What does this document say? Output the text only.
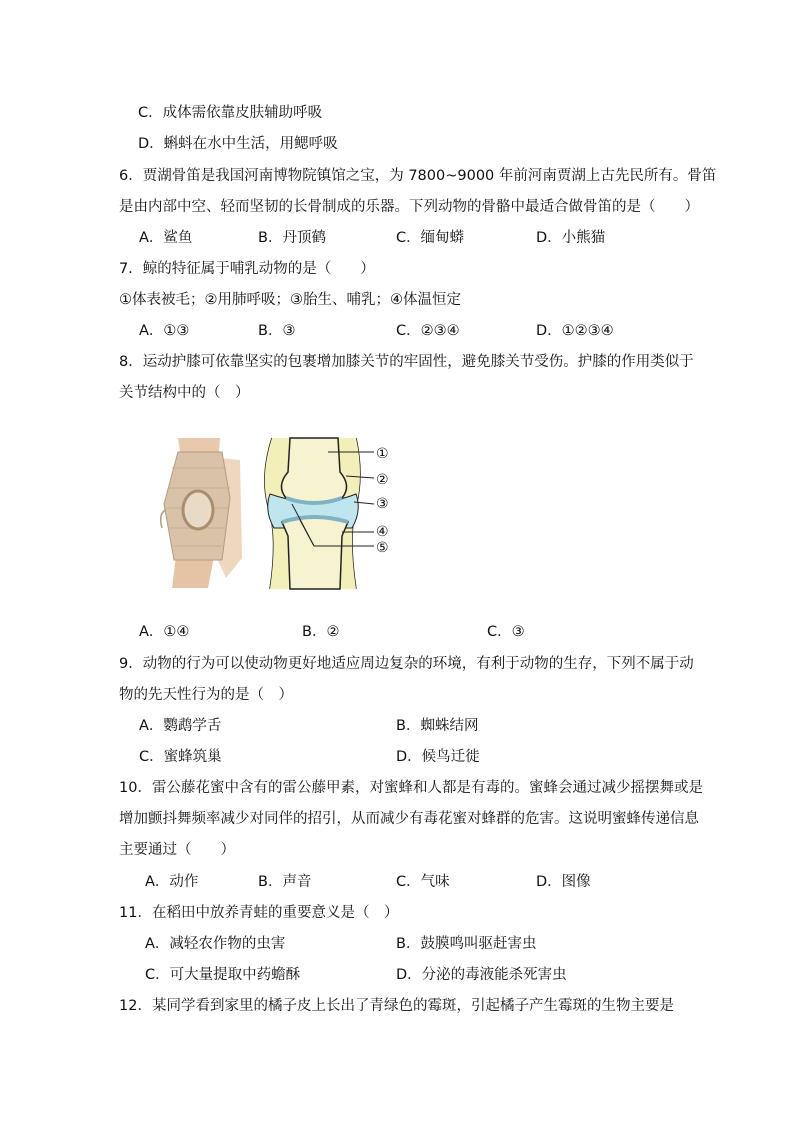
C．成体需依靠皮肤辅助呼吸
D．蝌蚪在水中生活，用鳃呼吸
6．贾湖骨笛是我国河南博物院镇馆之宝，为 7800~9000 年前河南贾湖上古先民所有。骨笛
是由内部中空、轻而坚韧的长骨制成的乐器。下列动物的骨骼中最适合做骨笛的是（　　）
A．鲨鱼	B．丹顶鹤	C．缅甸蟒	D．小熊猫
7．鲸的特征属于哺乳动物的是（　　）
①体表被毛；②用肺呼吸；③胎生、哺乳；④体温恒定
A．①③	B．③	C．②③④	D．①②③④
8．运动护膝可依靠坚实的包裹增加膝关节的牢固性，避免膝关节受伤。护膝的作用类似于
关节结构中的（　）
①
②
③
④
⑤
A．①④	B．②	C．③
9．动物的行为可以使动物更好地适应周边复杂的环境，有利于动物的生存，下列不属于动
物的先天性行为的是（　）
A．鹦鹉学舌	B．蜘蛛结网
C．蜜蜂筑巢	D．候鸟迁徙
10．雷公藤花蜜中含有的雷公藤甲素，对蜜蜂和人都是有毒的。蜜蜂会通过减少摇摆舞或是
增加颤抖舞频率减少对同伴的招引，从而减少有毒花蜜对蜂群的危害。这说明蜜蜂传递信息
主要通过（　　）
A．动作	B．声音	C．气味	D．图像
11．在稻田中放养青蛙的重要意义是（　）
A．减轻农作物的虫害	B．鼓膜鸣叫驱赶害虫
C．可大量提取中药蟾酥	D．分泌的毒液能杀死害虫
12．某同学看到家里的橘子皮上长出了青绿色的霉斑，引起橘子产生霉斑的生物主要是
